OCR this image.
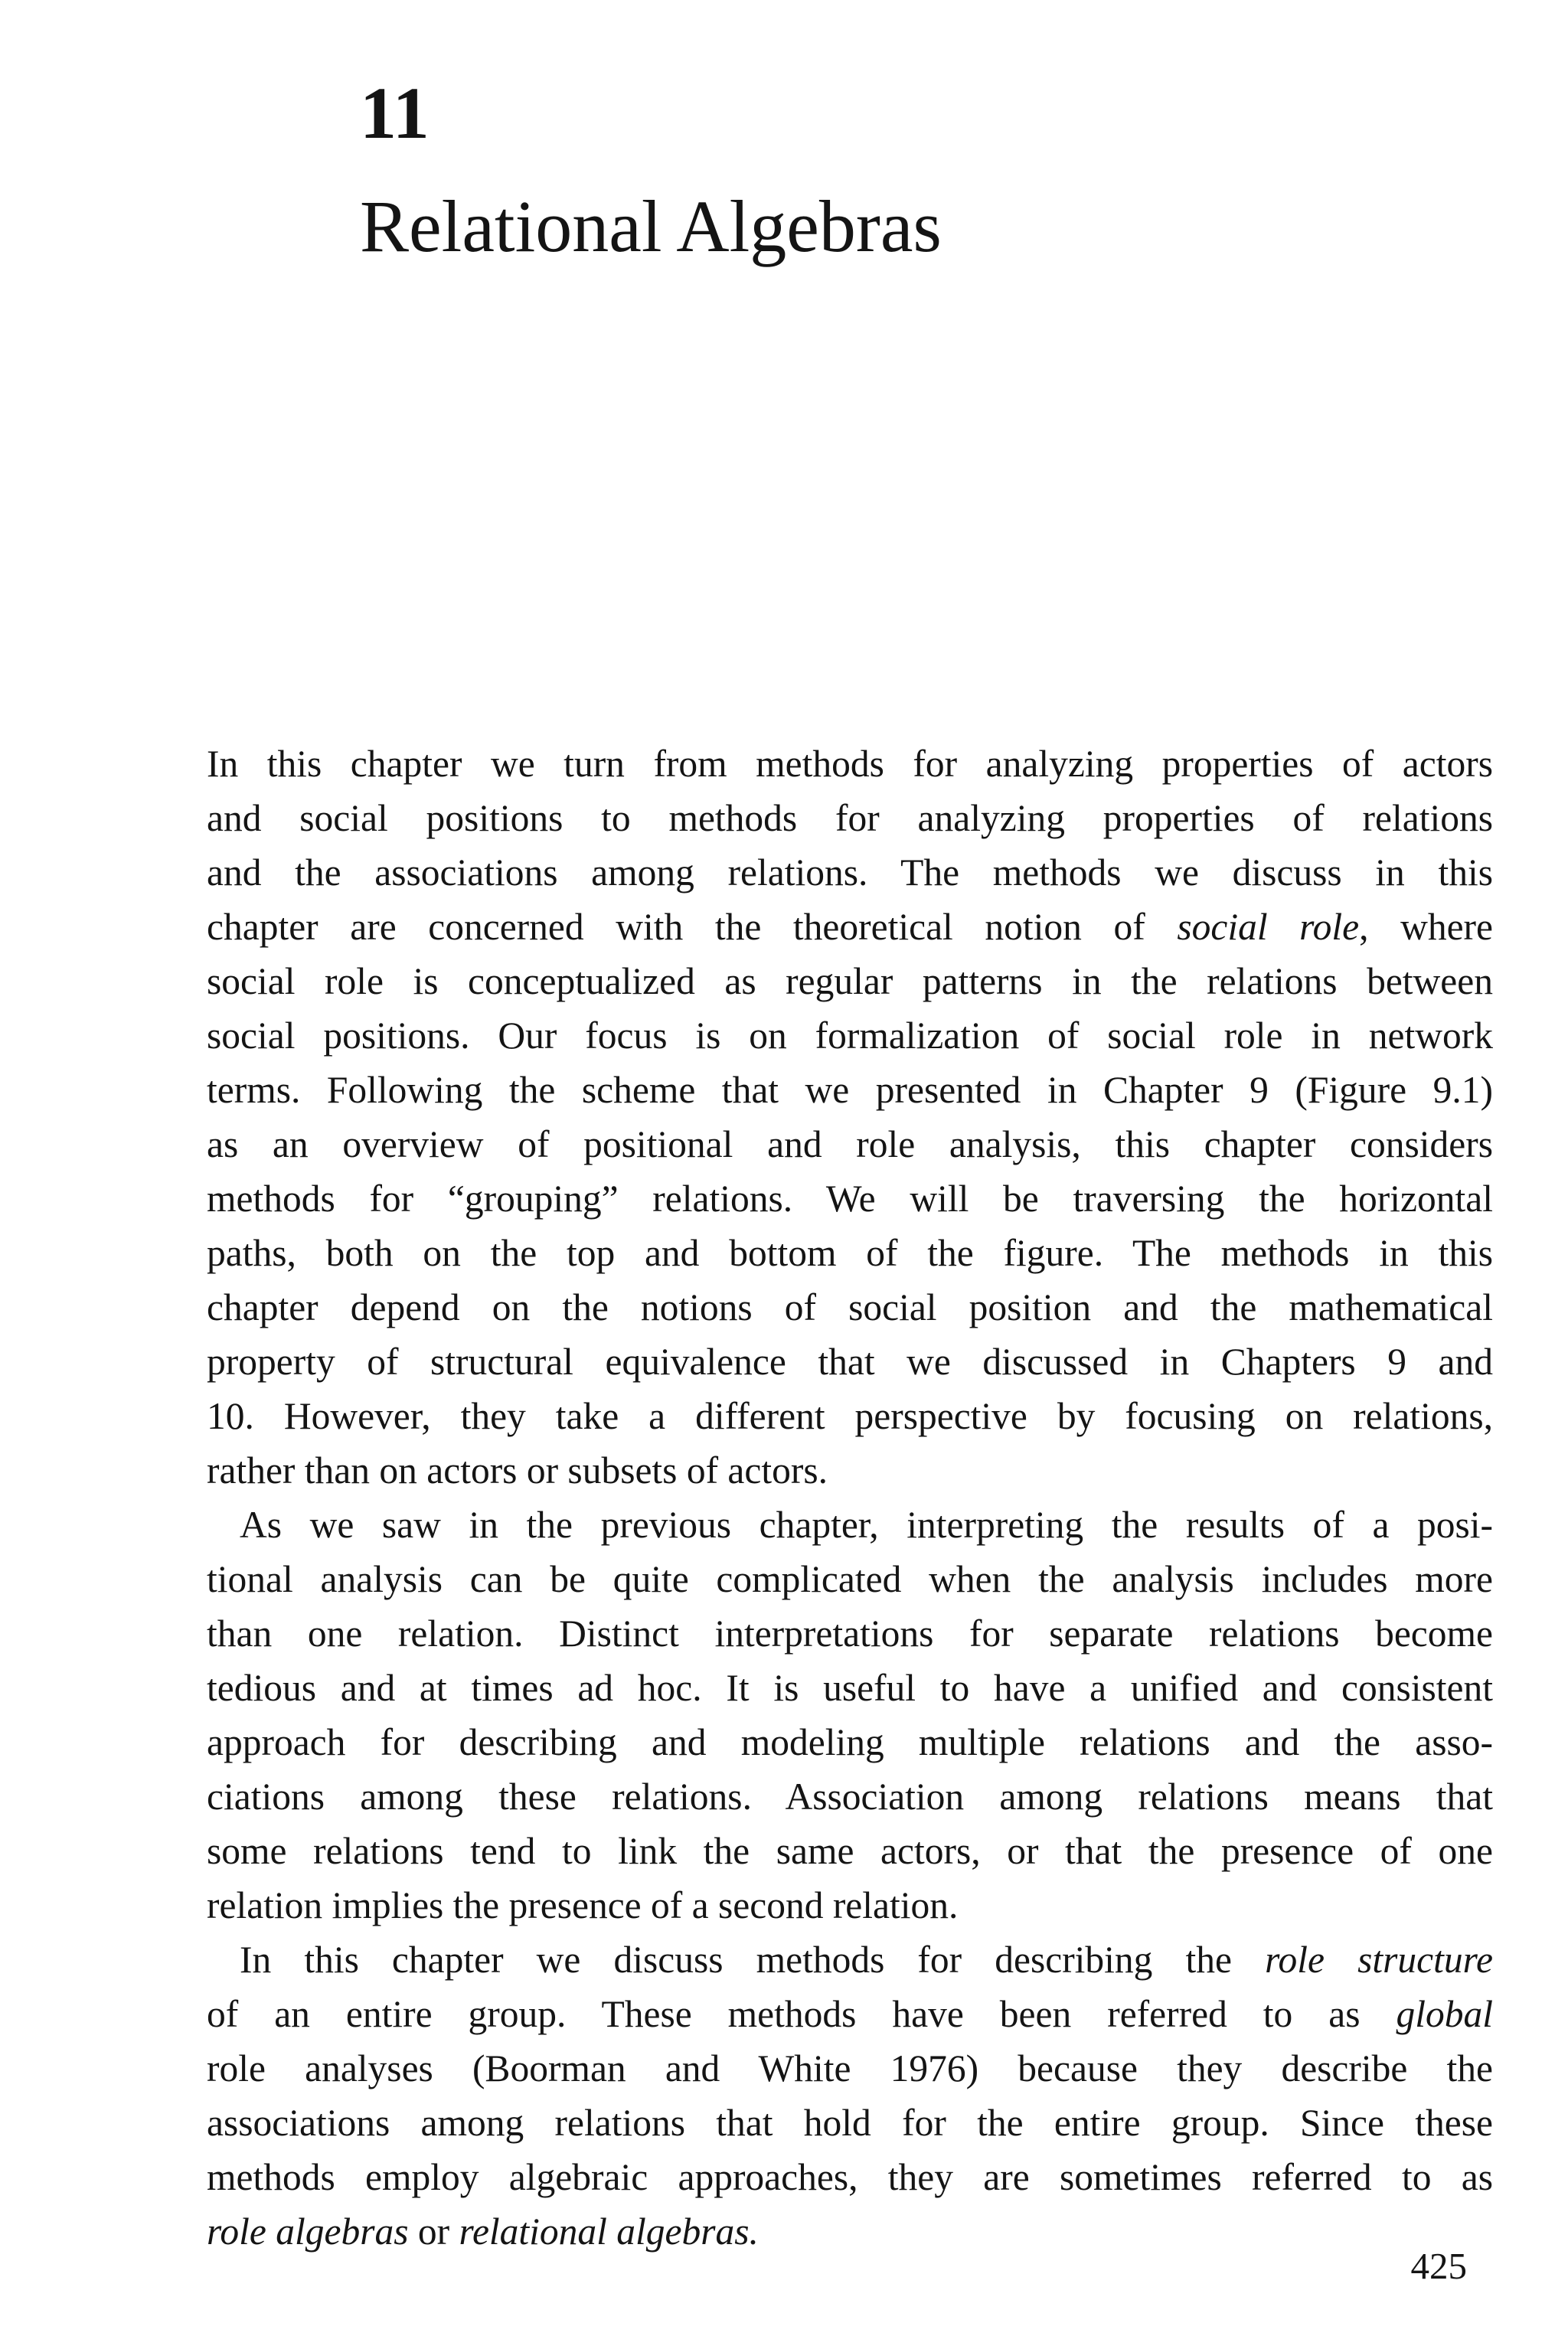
11
Relational Algebras
In this chapter we turn from methods for analyzing properties of actors
and social positions to methods for analyzing properties of relations
and the associations among relations. The methods we discuss in this
chapter are concerned with the theoretical notion of social role, where
social role is conceptualized as regular patterns in the relations between
social positions. Our focus is on formalization of social role in network
terms. Following the scheme that we presented in Chapter 9 (Figure 9.1)
as an overview of positional and role analysis, this chapter considers
methods for “grouping” relations. We will be traversing the horizontal
paths, both on the top and bottom of the figure. The methods in this
chapter depend on the notions of social position and the mathematical
property of structural equivalence that we discussed in Chapters 9 and
10. However, they take a different perspective by focusing on relations,
rather than on actors or subsets of actors.
As we saw in the previous chapter, interpreting the results of a posi-
tional analysis can be quite complicated when the analysis includes more
than one relation. Distinct interpretations for separate relations become
tedious and at times ad hoc. It is useful to have a unified and consistent
approach for describing and modeling multiple relations and the asso-
ciations among these relations. Association among relations means that
some relations tend to link the same actors, or that the presence of one
relation implies the presence of a second relation.
In this chapter we discuss methods for describing the role structure
of an entire group. These methods have been referred to as global
role analyses (Boorman and White 1976) because they describe the
associations among relations that hold for the entire group. Since these
methods employ algebraic approaches, they are sometimes referred to as
role algebras or relational algebras.
425
